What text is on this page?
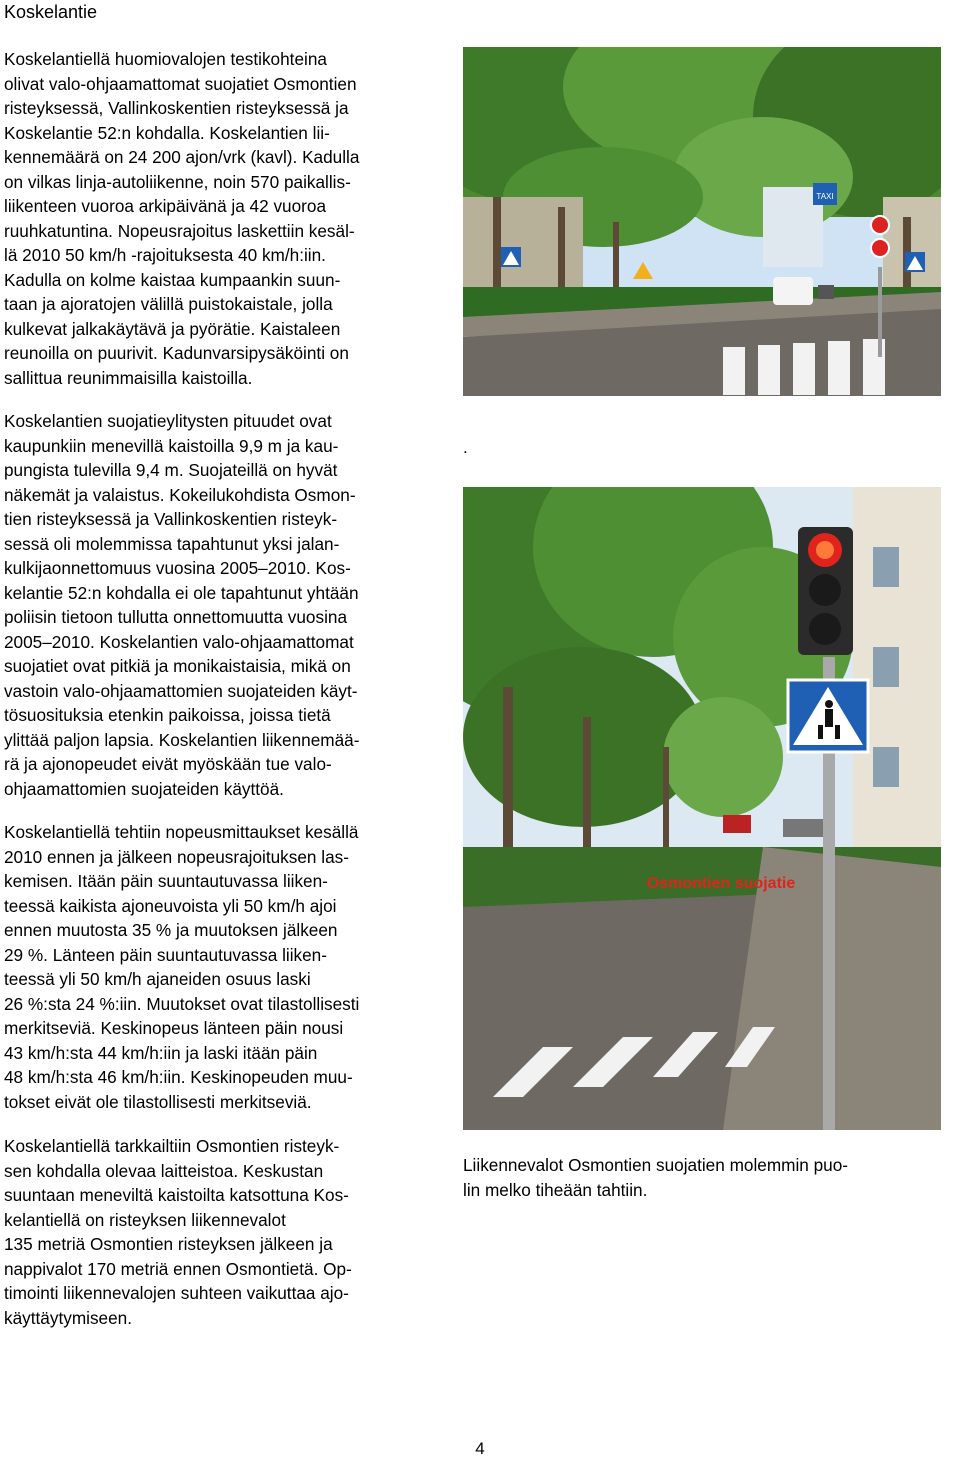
Koskelantie
Koskelantiellä huomiovalojen testikohteina
olivat valo-ohjaamattomat suojatiet Osmontien
risteyksessä, Vallinkoskentien risteyksessä ja
Koskelantie 52:n kohdalla. Koskelantien lii-
kennemäärä on 24 200 ajon/vrk (kavl). Kadulla
on vilkas linja-autoliikenne, noin 570 paikallis-
liikenteen vuoroa arkipäivänä ja 42 vuoroa
ruuhkatuntina. Nopeusrajoitus laskettiin kesäl-
lä 2010 50 km/h -rajoituksesta 40 km/h:iin.
Kadulla on kolme kaistaa kumpaankin suun-
taan ja ajoratojen välillä puistokaistale, jolla
kulkevat jalkakäytävä ja pyörätie. Kaistaleen
reunoilla on puurivit. Kadunvarsipysäköinti on
sallittua reunimmaisilla kaistoilla.
Koskelantien suojatieylitysten pituudet ovat
kaupunkiin menevillä kaistoilla 9,9 m ja kau-
pungista tulevilla 9,4 m. Suojateillä on hyvät
näkemät ja valaistus. Kokeilukohdista Osmon-
tien risteyksessä ja Vallinkoskentien risteyk-
sessä oli molemmissa tapahtunut yksi jalan-
kulkijaonnettomuus vuosina 2005–2010. Kos-
kelantie 52:n kohdalla ei ole tapahtunut yhtään
poliisin tietoon tullutta onnettomuutta vuosina
2005–2010. Koskelantien valo-ohjaamattomat
suojatiet ovat pitkiä ja monikaistaisia, mikä on
vastoin valo-ohjaamattomien suojateiden käyt-
tösuosituksia etenkin paikoissa, joissa tietä
ylittää paljon lapsia. Koskelantien liikennemää-
rä ja ajonopeudet eivät myöskään tue valo-
ohjaamattomien suojateiden käyttöä.
Koskelantiellä tehtiin nopeusmittaukset kesällä
2010 ennen ja jälkeen nopeusrajoituksen las-
kemisen. Itään päin suuntautuvassa liiken-
teessä kaikista ajoneuvoista yli 50 km/h ajoi
ennen muutosta 35 % ja muutoksen jälkeen
29 %. Länteen päin suuntautuvassa liiken-
teessä yli 50 km/h ajaneiden osuus laski
26 %:sta 24 %:iin. Muutokset ovat tilastollisesti
merkitseviä. Keskinopeus länteen päin nousi
43 km/h:sta 44 km/h:iin ja laski itään päin
48 km/h:sta 46 km/h:iin. Keskinopeuden muu-
tokset eivät ole tilastollisesti merkitseviä.
Koskelantiellä tarkkailtiin Osmontien risteyk-
sen kohdalla olevaa laitteistoa. Keskustan
suuntaan meneviltä kaistoilta katsottuna Kos-
kelantiellä on risteyksen liikennevalot
135 metriä Osmontien risteyksen jälkeen ja
nappivalot 170 metriä ennen Osmontietä. Op-
timointi liikennevalojen suhteen vaikuttaa ajo-
käyttäytymiseen.
TAXI
.
Osmontien suojatie
Liikennevalot Osmontien suojatien molemmin puo-
lin melko tiheään tahtiin.
4
